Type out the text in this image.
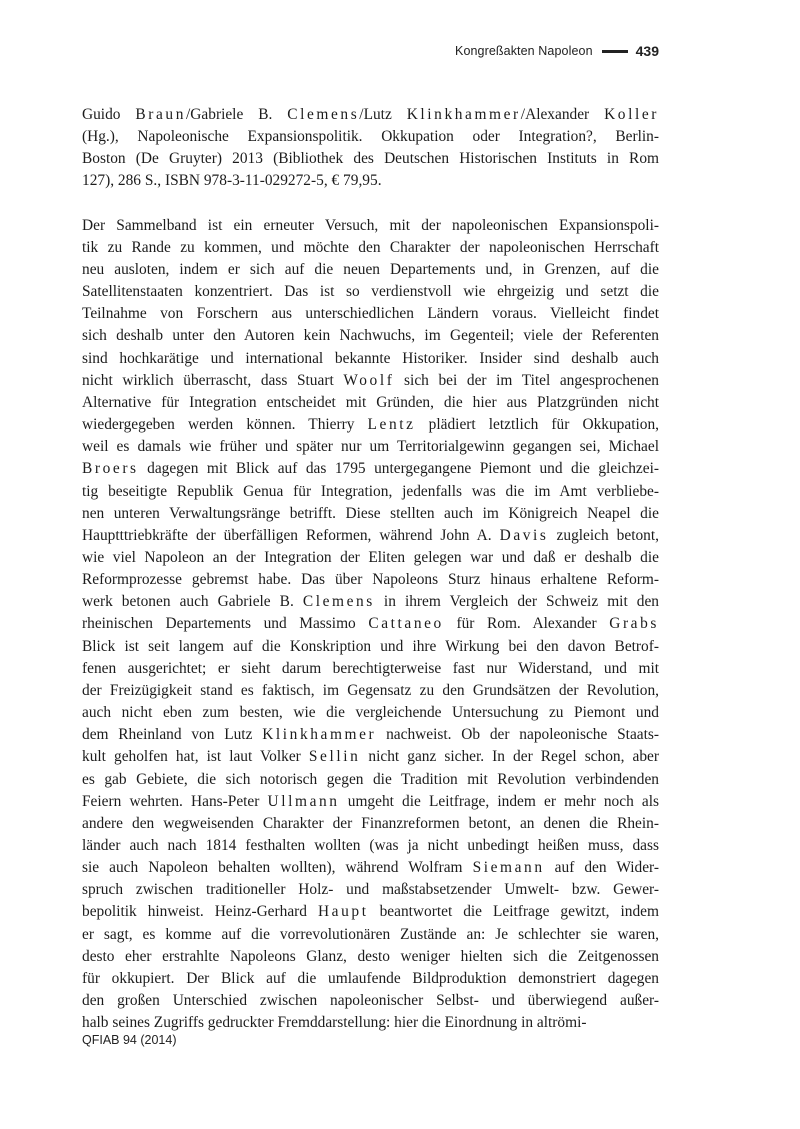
Kongreßakten Napoleon	439
Guido Braun/Gabriele B. Clemens/Lutz Klinkhammer/Alexander Koller
(Hg.), Napoleonische Expansionspolitik. Okkupation oder Integration?, Berlin-
Boston (De Gruyter) 2013 (Bibliothek des Deutschen Historischen Instituts in Rom
127), 286 S., ISBN 978-3-11-029272-5, € 79,95.
Der Sammelband ist ein erneuter Versuch, mit der napoleonischen Expansionspoli-
tik zu Rande zu kommen, und möchte den Charakter der napoleonischen Herrschaft
neu ausloten, indem er sich auf die neuen Departements und, in Grenzen, auf die
Satellitenstaaten konzentriert. Das ist so verdienstvoll wie ehrgeizig und setzt die
Teilnahme von Forschern aus unterschiedlichen Ländern voraus. Vielleicht findet
sich deshalb unter den Autoren kein Nachwuchs, im Gegenteil; viele der Referenten
sind hochkarätige und international bekannte Historiker. Insider sind deshalb auch
nicht wirklich überrascht, dass Stuart Woolf sich bei der im Titel angesprochenen
Alternative für Integration entscheidet mit Gründen, die hier aus Platzgründen nicht
wiedergegeben werden können. Thierry Lentz plädiert letztlich für Okkupation,
weil es damals wie früher und später nur um Territorialgewinn gegangen sei, Michael
Broers dagegen mit Blick auf das 1795 untergegangene Piemont und die gleichzei-
tig beseitigte Republik Genua für Integration, jedenfalls was die im Amt verbliebe-
nen unteren Verwaltungsränge betrifft. Diese stellten auch im Königreich Neapel die
Hauptttriebkräfte der überfälligen Reformen, während John A. Davis zugleich betont,
wie viel Napoleon an der Integration der Eliten gelegen war und daß er deshalb die
Reformprozesse gebremst habe. Das über Napoleons Sturz hinaus erhaltene Reform-
werk betonen auch Gabriele B. Clemens in ihrem Vergleich der Schweiz mit den
rheinischen Departements und Massimo Cattaneo für Rom. Alexander Grabs
Blick ist seit langem auf die Konskription und ihre Wirkung bei den davon Betrof-
fenen ausgerichtet; er sieht darum berechtigterweise fast nur Widerstand, und mit
der Freizügigkeit stand es faktisch, im Gegensatz zu den Grundsätzen der Revolution,
auch nicht eben zum besten, wie die vergleichende Untersuchung zu Piemont und
dem Rheinland von Lutz Klinkhammer nachweist. Ob der napoleonische Staats-
kult geholfen hat, ist laut Volker Sellin nicht ganz sicher. In der Regel schon, aber
es gab Gebiete, die sich notorisch gegen die Tradition mit Revolution verbindenden
Feiern wehrten. Hans-Peter Ullmann umgeht die Leitfrage, indem er mehr noch als
andere den wegweisenden Charakter der Finanzreformen betont, an denen die Rhein-
länder auch nach 1814 festhalten wollten (was ja nicht unbedingt heißen muss, dass
sie auch Napoleon behalten wollten), während Wolfram Siemann auf den Wider-
spruch zwischen traditioneller Holz- und maßstabsetzender Umwelt- bzw. Gewer-
bepolitik hinweist. Heinz-Gerhard Haupt beantwortet die Leitfrage gewitzt, indem
er sagt, es komme auf die vorrevolutionären Zustände an: Je schlechter sie waren,
desto eher erstrahlte Napoleons Glanz, desto weniger hielten sich die Zeitgenossen
für okkupiert. Der Blick auf die umlaufende Bildproduktion demonstriert dagegen
den großen Unterschied zwischen napoleonischer Selbst- und überwiegend außer-
halb seines Zugriffs gedruckter Fremddarstellung: hier die Einordnung in altrömi-
QFIAB 94 (2014)
